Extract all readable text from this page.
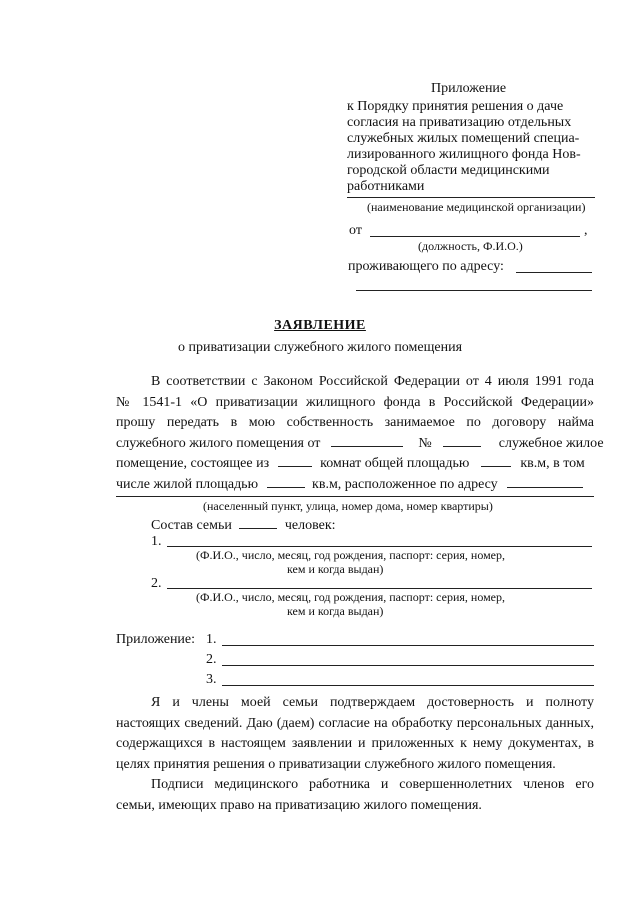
Приложение
к Порядку принятия решения о даче
согласия на приватизацию отдельных
служебных жилых помещений специа-
лизированного жилищного фонда Нов-
городской области медицинскими
работниками
(наименование медицинской организации)
от	,
(должность, Ф.И.О.)
проживающего по адресу:
ЗАЯВЛЕНИЕ
о приватизации служебного жилого помещения
В соответствии с Законом Российской Федерации от 4 июля 1991 года
№ 1541-1 «О приватизации жилищного фонда в Российской Федерации»
прошу передать в мою собственность занимаемое по договору найма
служебного жилого помещения от	№	служебное жилое
помещение, состоящее из	комнат общей площадью	кв.м, в том
числе жилой площадью	кв.м, расположенное по адресу
(населенный пункт, улица, номер дома, номер квартиры)
Состав семьи	человек:
1.
(Ф.И.О., число, месяц, год рождения, паспорт: серия, номер,
кем и когда выдан)
2.
(Ф.И.О., число, месяц, год рождения, паспорт: серия, номер,
кем и когда выдан)
Приложение: 1.
2.
3.
Я и члены моей семьи подтверждаем достоверность и полноту
настоящих сведений. Даю (даем) согласие на обработку персональных данных,
содержащихся в настоящем заявлении и приложенных к нему документах, в
целях принятия решения о приватизации служебного жилого помещения.
Подписи медицинского работника и совершеннолетних членов его
семьи, имеющих право на приватизацию жилого помещения.
